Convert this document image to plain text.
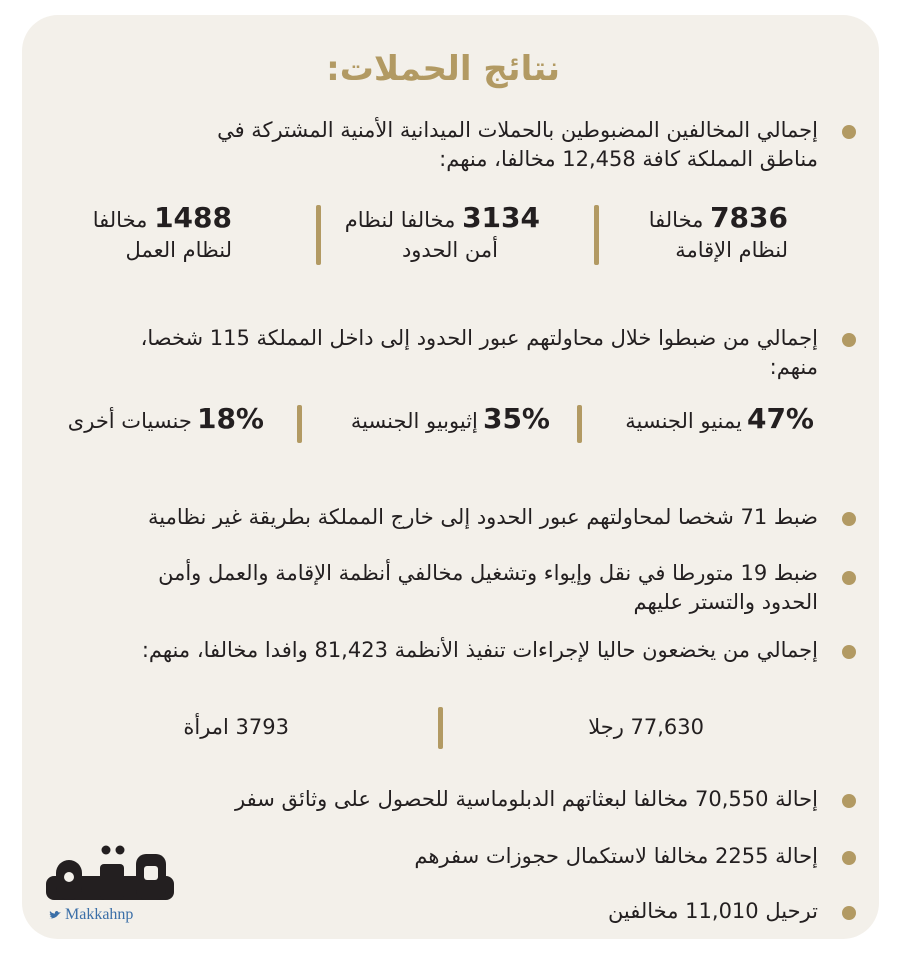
نتائج الحملات:
إجمالي المخالفين المضبوطين بالحملات الميدانية الأمنية المشتركة في
مناطق المملكة كافة 12,458 مخالفا، منهم:
7836 مخالفا
لنظام الإقامة
3134 مخالفا لنظام
أمن الحدود
1488 مخالفا
لنظام العمل
إجمالي من ضبطوا خلال محاولتهم عبور الحدود إلى داخل المملكة 115 شخصا،
منهم:
47% يمنيو الجنسية
35% إثيوبيو الجنسية
18% جنسيات أخرى
ضبط 71 شخصا لمحاولتهم عبور الحدود إلى خارج المملكة بطريقة غير نظامية
ضبط 19 متورطا في نقل وإيواء وتشغيل مخالفي أنظمة الإقامة والعمل وأمن
الحدود والتستر عليهم
إجمالي من يخضعون حاليا لإجراءات تنفيذ الأنظمة 81,423 وافدا مخالفا، منهم:
77,630 رجلا
3793 امرأة
إحالة 70,550 مخالفا لبعثاتهم الدبلوماسية للحصول على وثائق سفر
إحالة 2255 مخالفا لاستكمال حجوزات سفرهم
ترحيل 11,010 مخالفين
Makkahnp
